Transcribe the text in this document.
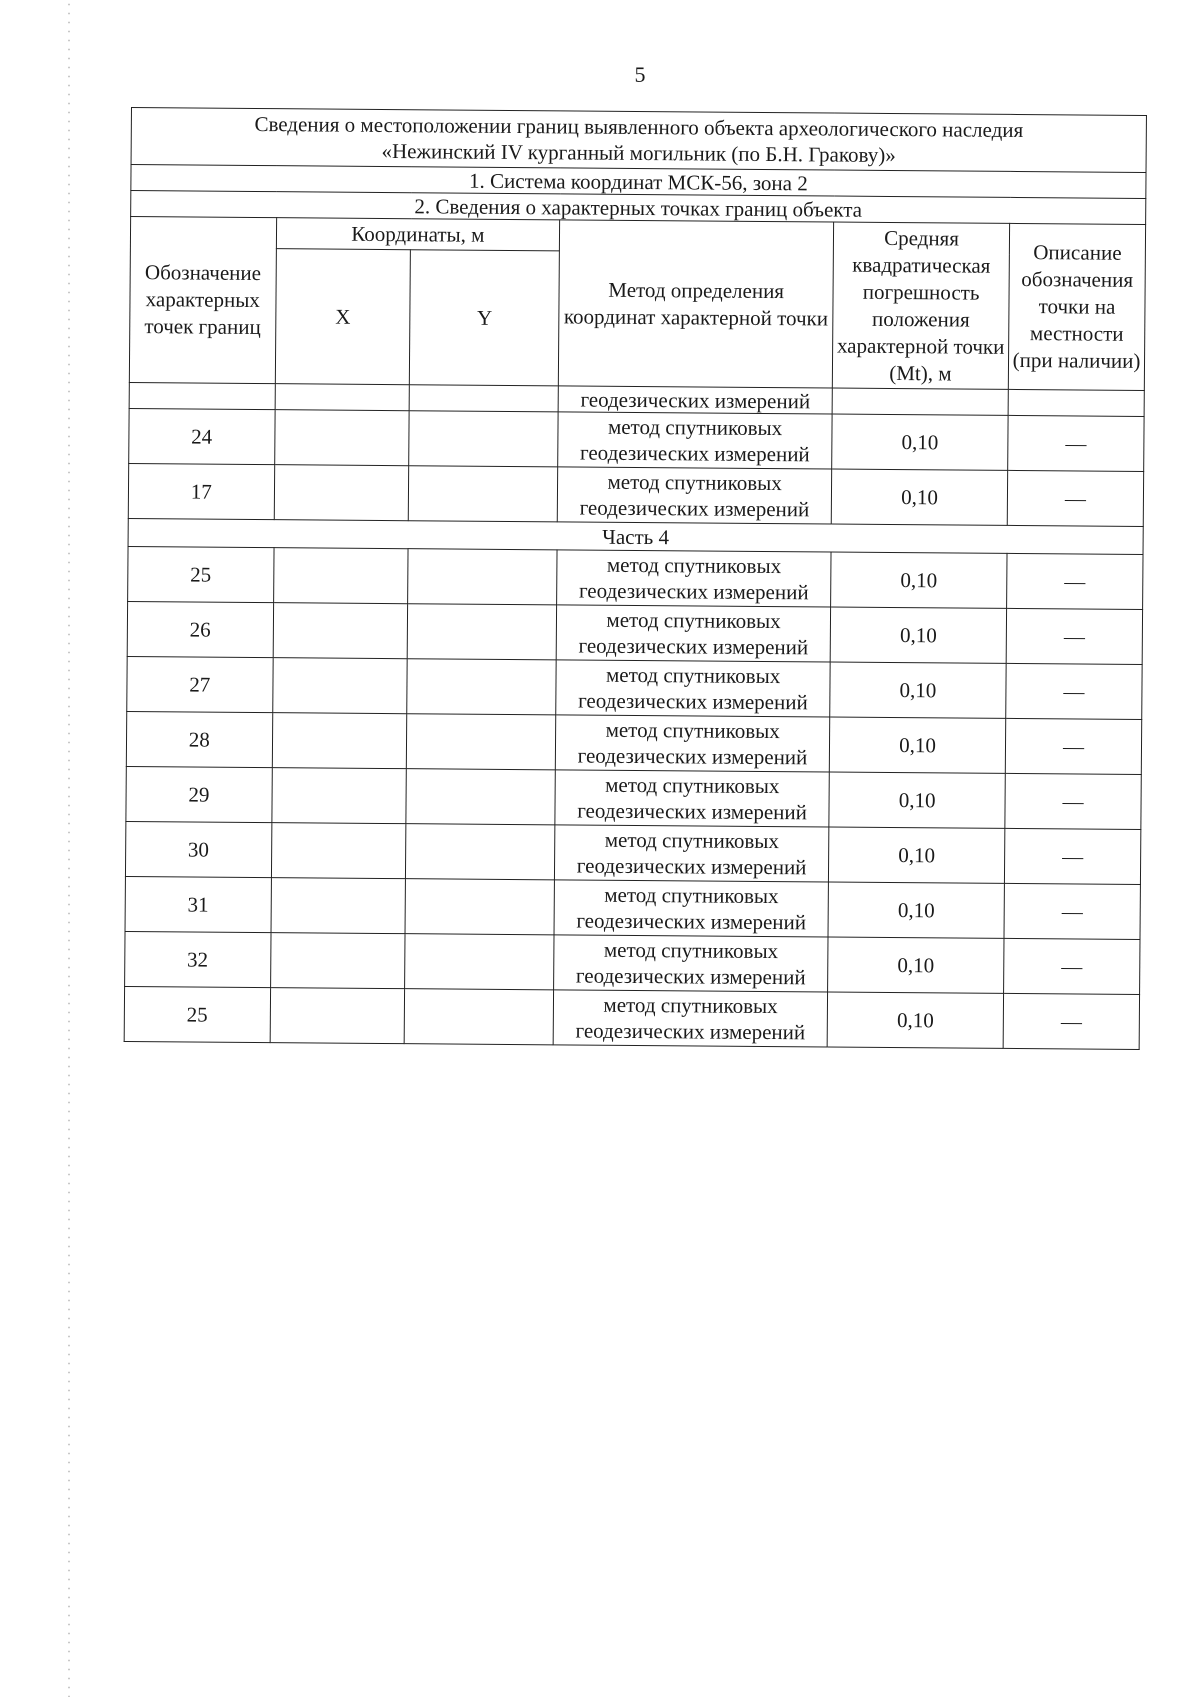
5
Сведения о местоположении границ выявленного объекта археологического наследия
«Нежинский IV курганный могильник (по Б.Н. Гракову)»					

1. Система координат МСК-56, зона 2					
2. Сведения о характерных точках границ объекта					

Обозначение характерных точек границ	Координаты, м		Метод определения координат характерной точки	Средняя квадратическая погрешность положения характерной точки (Mt), м	Описание обозначения точки на местности (при наличии)

	X	Y			
			геодезических измерений		
24			метод спутниковых
геодезических измерений	0,10	—
17			метод спутниковых
геодезических измерений	0,10	—
Часть 4					
25			метод спутниковых
геодезических измерений	0,10	—
26			метод спутниковых
геодезических измерений	0,10	—
27			метод спутниковых
геодезических измерений	0,10	—
28			метод спутниковых
геодезических измерений	0,10	—
29			метод спутниковых
геодезических измерений	0,10	—
30			метод спутниковых
геодезических измерений	0,10	—
31			метод спутниковых
геодезических измерений	0,10	—
32			метод спутниковых
геодезических измерений	0,10	—
25			метод спутниковых
геодезических измерений	0,10	—
